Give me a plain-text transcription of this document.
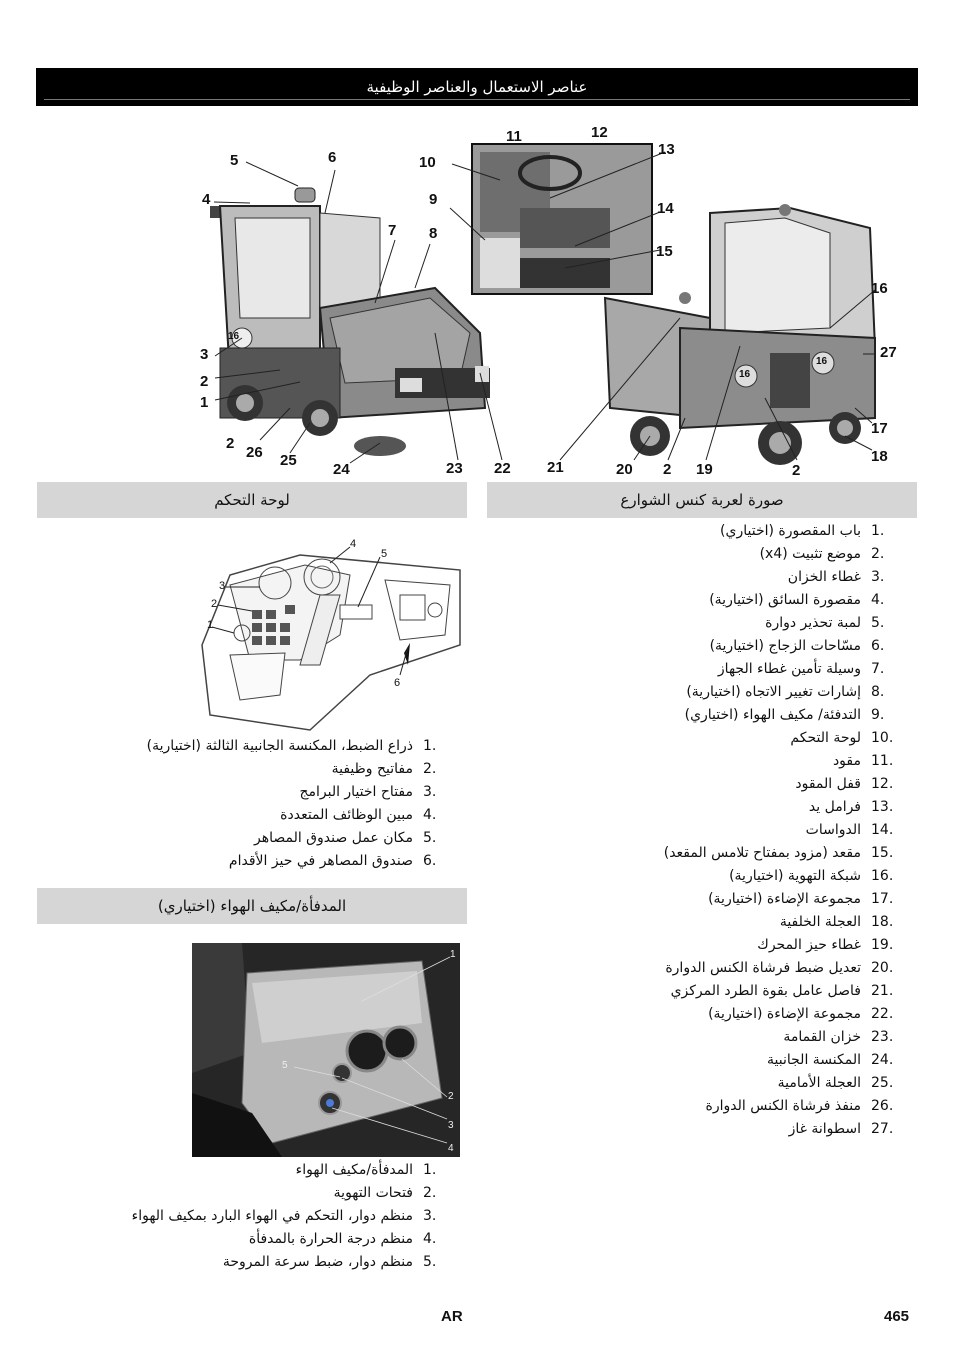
عناصر الاستعمال والعناصر الوظيفية
5	6
4
7 8
3
2
1
2
26 25
24	23 22
11	12
10
9
13
14
15
16
27
17
18
21	20 2 19	2
16
16
16
صورة لعربة كنس الشوارع
لوحة التحكم
1.
باب المقصورة (اختياري)
2.
موضع تثبيت (x4)
3.
غطاء الخزان
4.
مقصورة السائق (اختيارية)
5.
لمبة تحذير دوارة
6.
مسّاحات الزجاج (اختيارية)
7.
وسيلة تأمين غطاء الجهاز
8.
إشارات تغيير الاتجاه (اختيارية)
9.
التدفئة/ مكيف الهواء (اختياري)
10.
لوحة التحكم
11.
مقود
12.
قفل المقود
13.
فرامل يد
14.
الدواسات
15.
مقعد (مزود بمفتاح تلامس المقعد)
16.
شبكة التهوية (اختيارية)
17.
مجموعة الإضاءة (اختيارية)
18.
العجلة الخلفية
19.
غطاء حيز المحرك
20.
تعديل ضبط فرشاة الكنس الدوارة
21.
فاصل عامل بقوة الطرد المركزي
22.
مجموعة الإضاءة (اختيارية)
23.
خزان القمامة
24.
المكنسة الجانبية
25.
العجلة الأمامية
26.
منفذ فرشاة الكنس الدوارة
27.
اسطوانة غاز
4
5
3
2
1
6
1.
ذراع الضبط، المكنسة الجانبية الثالثة (اختيارية)
2.
مفاتيح وظيفية
3.
مفتاح اختيار البرامج
4.
مبين الوظائف المتعددة
5.
مكان عمل صندوق المصاهر
6.
صندوق المصاهر في حيز الأقدام
المدفأة/مكيف الهواء (اختياري)
1
5
2
3
4
1.
المدفأة/مكيف الهواء
2.
فتحات التهوية
3.
منظم دوار، التحكم في الهواء البارد بمكيف الهواء
4.
منظم درجة الحرارة بالمدفأة
5.
منظم دوار، ضبط سرعة المروحة
AR	465
